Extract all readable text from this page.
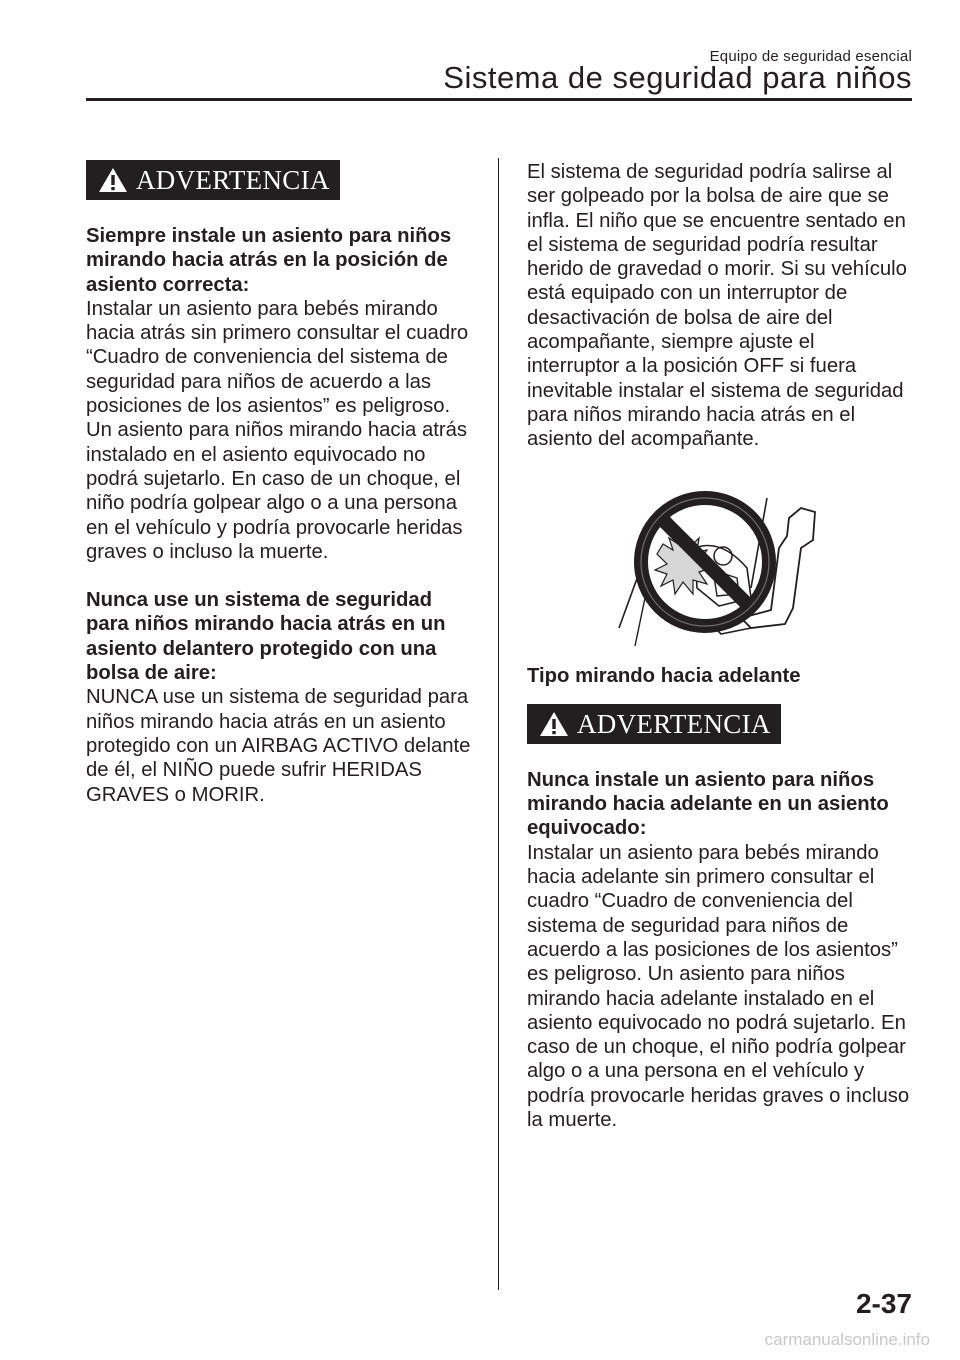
Equipo de seguridad esencial
Sistema de seguridad para niños
ADVERTENCIA

Siempre instale un asiento para niños mirando hacia atrás en la posición de asiento correcta:

Instalar un asiento para bebés mirando hacia atrás sin primero consultar el cuadro “Cuadro de conveniencia del sistema de seguridad para niños de acuerdo a las posiciones de los asientos” es peligroso. Un asiento para niños mirando hacia atrás instalado en el asiento equivocado no podrá sujetarlo. En caso de un choque, el niño podría golpear algo o a una persona en el vehículo y podría provocarle heridas graves o incluso la muerte.

Nunca use un sistema de seguridad para niños mirando hacia atrás en un asiento delantero protegido con una bolsa de aire:

NUNCA use un sistema de seguridad para niños mirando hacia atrás en un asiento protegido con un AIRBAG ACTIVO delante de él, el NIÑO puede sufrir HERIDAS GRAVES o MORIR.

El sistema de seguridad podría salirse al ser golpeado por la bolsa de aire que se infla. El niño que se encuentre sentado en el sistema de seguridad podría resultar herido de gravedad o morir. Si su vehículo está equipado con un interruptor de desactivación de bolsa de aire del acompañante, siempre ajuste el interruptor a la posición OFF si fuera inevitable instalar el sistema de seguridad para niños mirando hacia atrás en el asiento del acompañante.

Tipo mirando hacia adelante

ADVERTENCIA

Nunca instale un asiento para niños mirando hacia adelante en un asiento equivocado:

Instalar un asiento para bebés mirando hacia adelante sin primero consultar el cuadro “Cuadro de conveniencia del sistema de seguridad para niños de acuerdo a las posiciones de los asientos” es peligroso. Un asiento para niños mirando hacia adelante instalado en el asiento equivocado no podrá sujetarlo. En caso de un choque, el niño podría golpear algo o a una persona en el vehículo y podría provocarle heridas graves o incluso la muerte.

2-37
carmanualsonline.info
